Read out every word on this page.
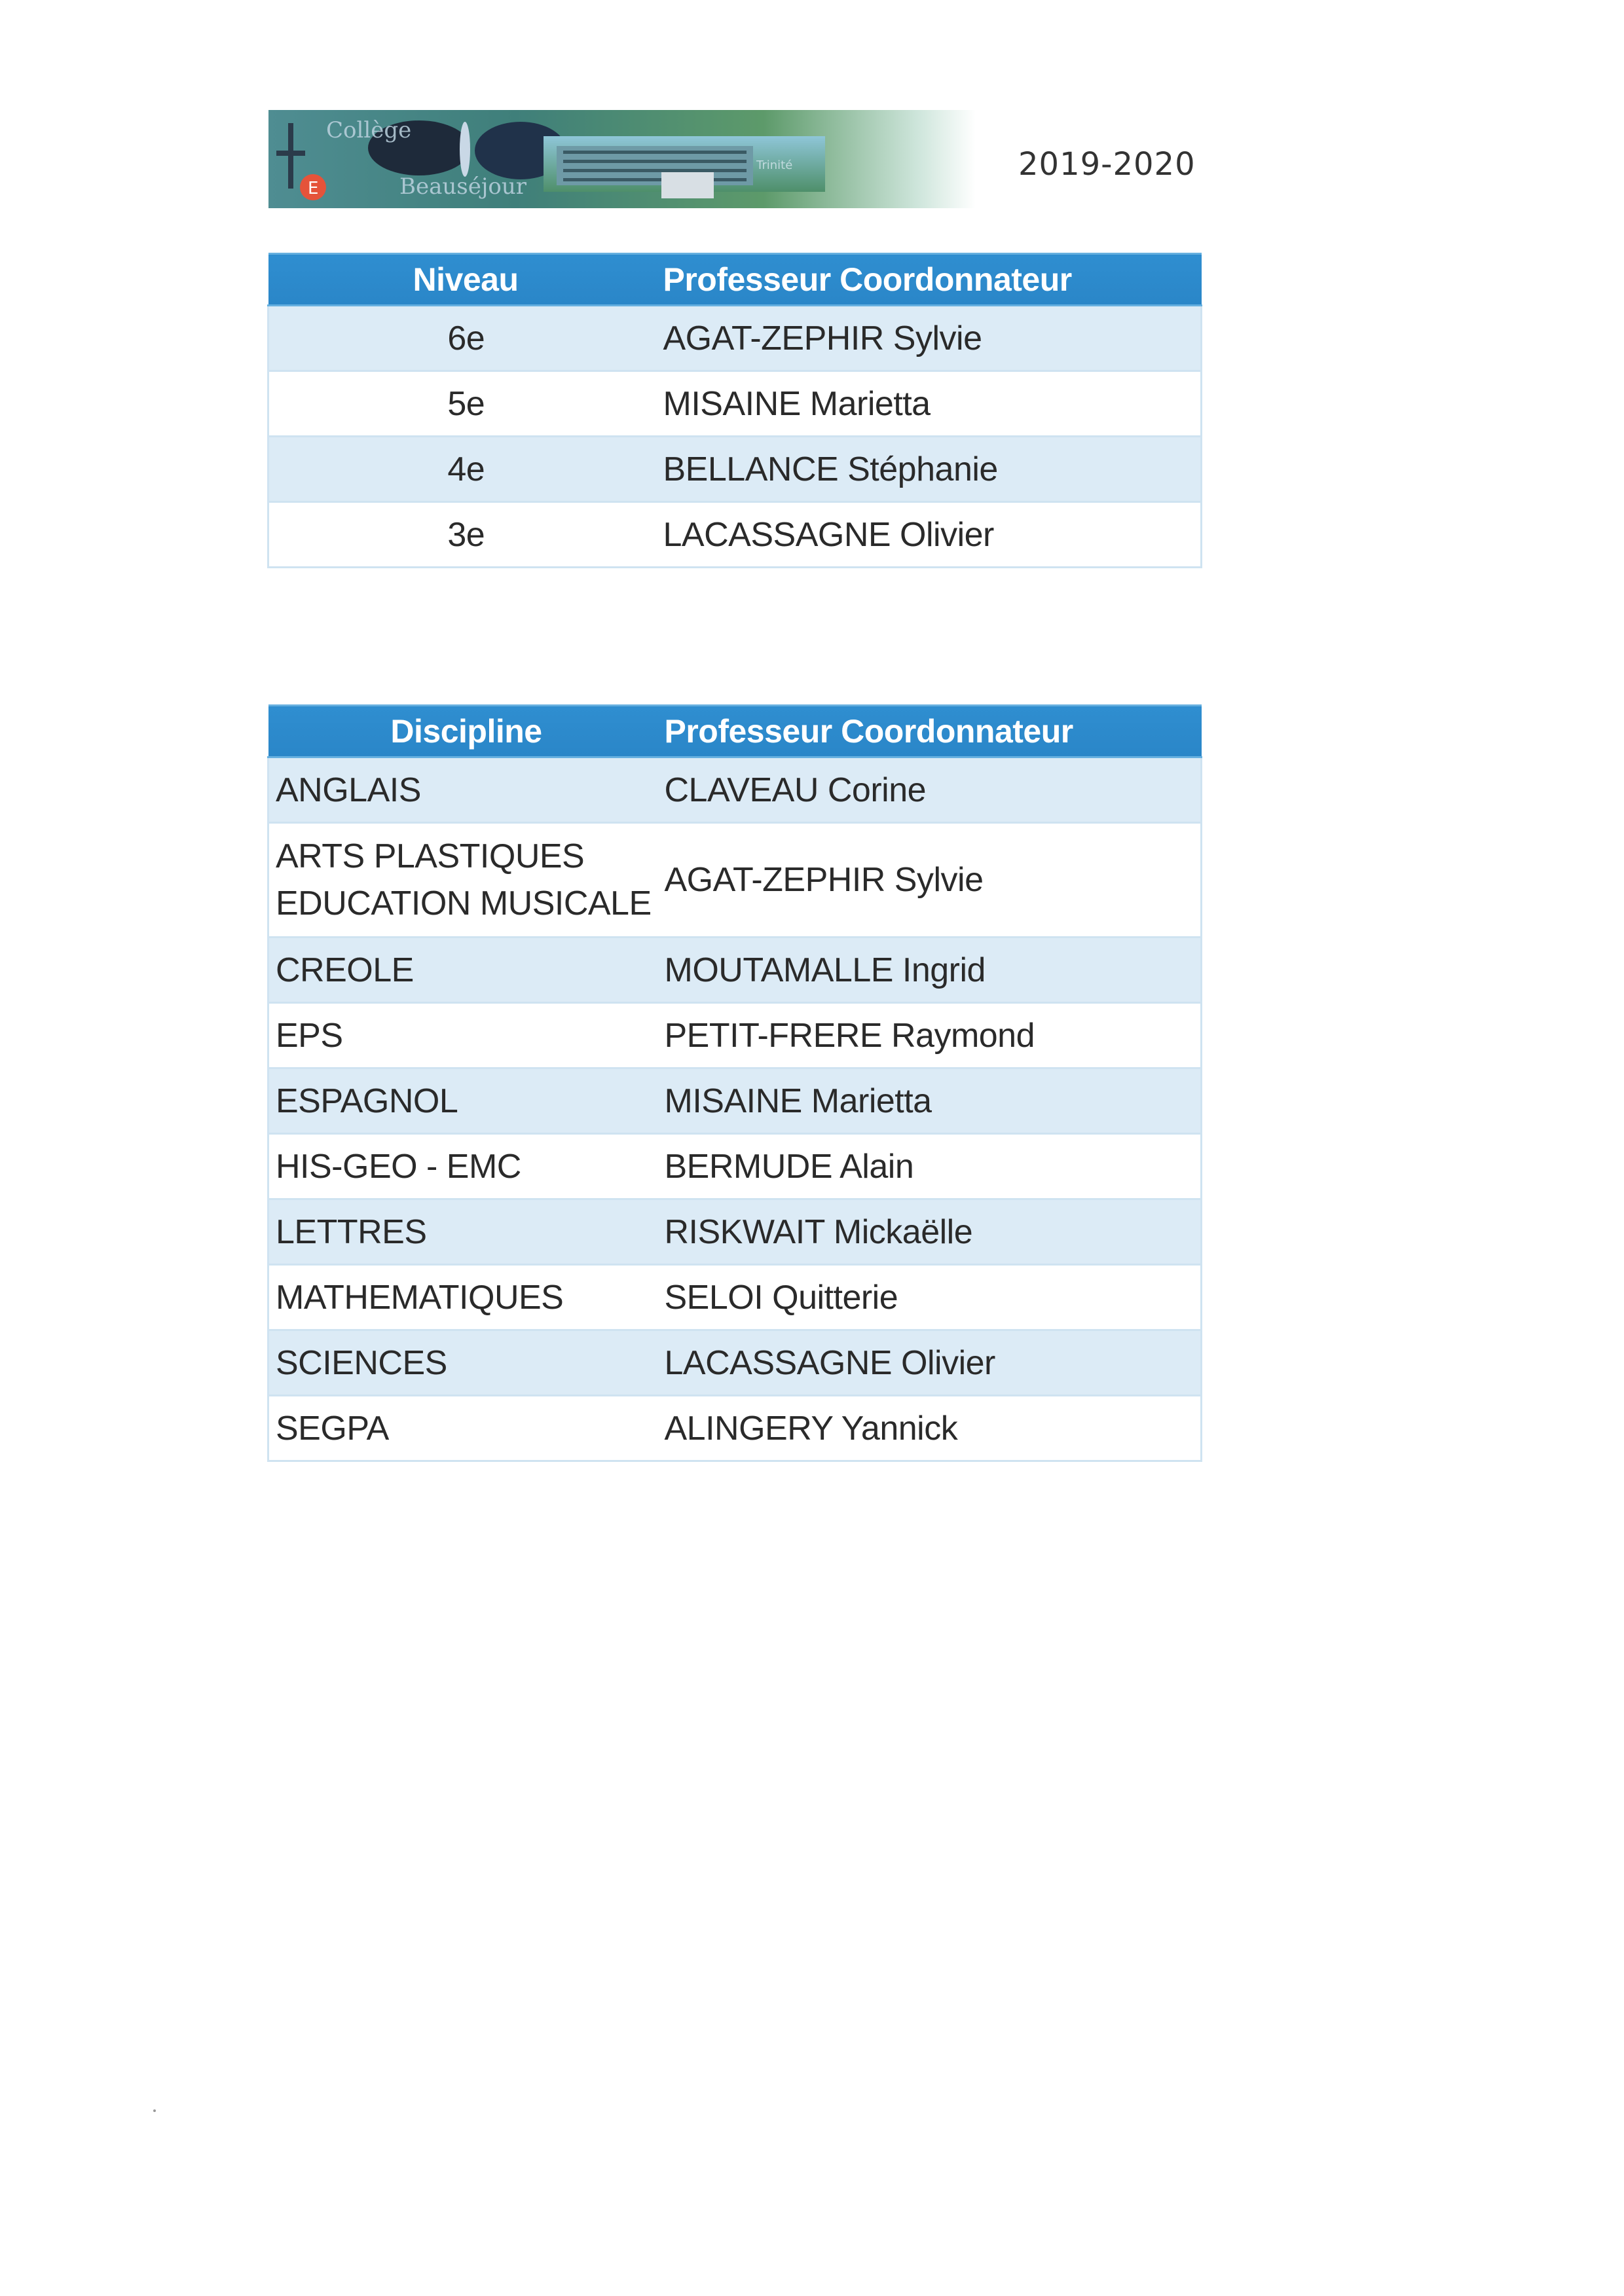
E
Collège
Beauséjour
Trinité	2019-2020
Niveau	Professeur Coordonnateur
6e	AGAT-ZEPHIR Sylvie
5e	MISAINE Marietta
4e	BELLANCE Stéphanie
3e	LACASSAGNE Olivier
Discipline	Professeur Coordonnateur
ANGLAIS	CLAVEAU Corine

ARTS PLASTIQUES
EDUCATION MUSICALE	AGAT-ZEPHIR Sylvie
CREOLE	MOUTAMALLE Ingrid
EPS	PETIT-FRERE Raymond
ESPAGNOL	MISAINE Marietta
HIS-GEO - EMC	BERMUDE Alain
LETTRES	RISKWAIT Mickaëlle
MATHEMATIQUES	SELOI Quitterie
SCIENCES	LACASSAGNE Olivier
SEGPA	ALINGERY Yannick
